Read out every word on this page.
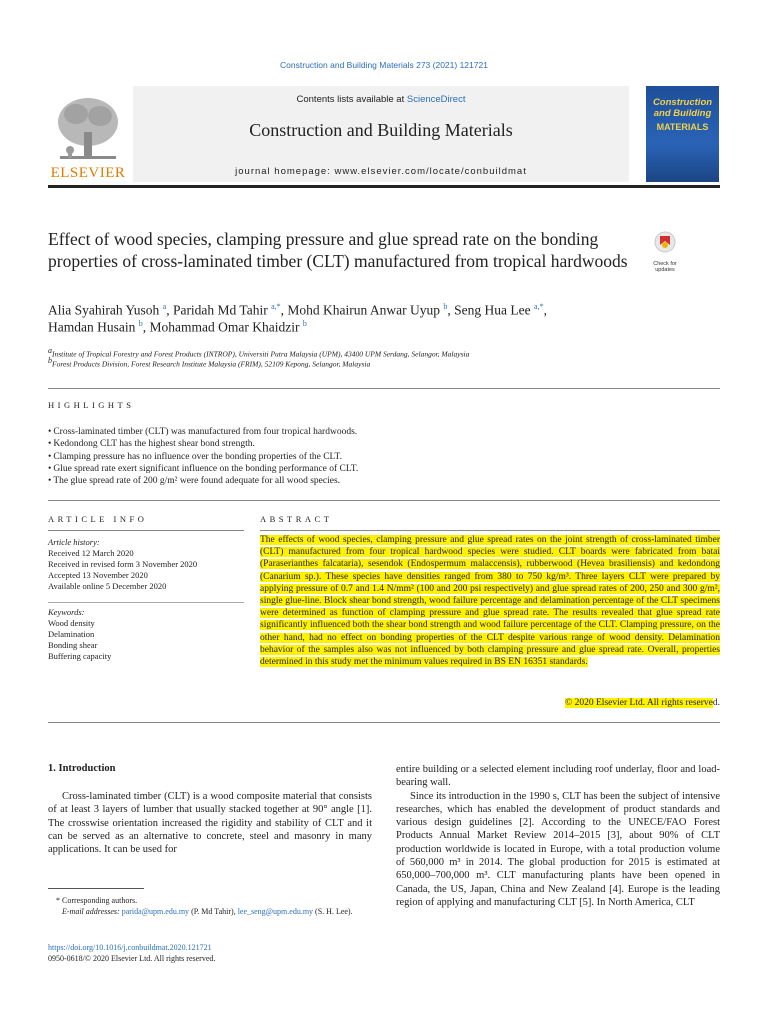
Construction and Building Materials 273 (2021) 121721
Contents lists available at ScienceDirect
Construction and Building Materials
journal homepage: www.elsevier.com/locate/conbuildmat
ELSEVIER
Construction and Building
MATERIALS
Effect of wood species, clamping pressure and glue spread rate on the bonding properties of cross-laminated timber (CLT) manufactured from tropical hardwoods	Check for
updates
Alia Syahirah Yusoh $^a$, Paridah Md Tahir $^{a,*}$, Mohd Khairun Anwar Uyup $^b$, Seng Hua Lee $^{a,*}$,
Hamdan Husain $^b$, Mohammad Omar Khaidzir $^b$
$^a$Institute of Tropical Forestry and Forest Products (INTROP), Universiti Putra Malaysia (UPM), 43400 UPM Serdang, Selangor, Malaysia
$^b$Forest Products Division, Forest Research Institute Malaysia (FRIM), 52109 Kepong, Selangor, Malaysia
HIGHLIGHTS
• Cross-laminated timber (CLT) was manufactured from four tropical hardwoods.
• Kedondong CLT has the highest shear bond strength.
• Clamping pressure has no influence over the bonding properties of the CLT.
• Glue spread rate exert significant influence on the bonding performance of CLT.
• The glue spread rate of 200 g/m² were found adequate for all wood species.
ARTICLE INFO	ABSTRACT
Article history:
Received 12 March 2020
Received in revised form 3 November 2020
Accepted 13 November 2020
Available online 5 December 2020
Keywords:
Wood density
Delamination
Bonding shear
Buffering capacity
The effects of wood species, clamping pressure and glue spread rates on the joint strength of cross-laminated timber (CLT) manufactured from four tropical hardwood species were studied. CLT boards were fabricated from batai (Paraserianthes falcataria), sesendok (Endospermum malaccensis), rubberwood (Hevea brasiliensis) and kedondong (Canarium sp.). These species have densities ranged from 380 to 750 kg/m³. Three layers CLT were prepared by applying pressure of 0.7 and 1.4 N/mm² (100 and 200 psi respectively) and glue spread rates of 200, 250 and 300 g/m², single glue-line. Block shear bond strength, wood failure percentage and delamination percentage of the CLT specimens were determined as function of clamping pressure and glue spread rate. The results revealed that glue spread rate significantly influenced both the shear bond strength and wood failure percentage of the CLT. Clamping pressure, on the other hand, had no effect on bonding properties of the CLT despite various range of wood density. Delamination behavior of the samples also was not influenced by both clamping pressure and glue spread rate. Overall, properties determined in this study met the minimum values required in BS EN 16351 standards.
© 2020 Elsevier Ltd. All rights reserved.
1. Introduction
Cross-laminated timber (CLT) is a wood composite material that consists of at least 3 layers of lumber that usually stacked together at 90° angle [1]. The crosswise orientation increased the rigidity and stability of CLT and it can be served as an alternative to concrete, steel and masonry in many applications. It can be used for
entire building or a selected element including roof underlay, floor and load-bearing wall.
Since its introduction in the 1990 s, CLT has been the subject of intensive researches, which has enabled the development of product standards and various design guidelines [2]. According to the UNECE/FAO Forest Products Annual Market Review 2014–2015 [3], about 90% of CLT production worldwide is located in Europe, with a total production volume of 560,000 m³ in 2014. The global production for 2015 is estimated at 650,000–700,000 m³. CLT manufacturing plants have been opened in Canada, the US, Japan, China and New Zealand [4]. Europe is the leading region of applying and manufacturing CLT [5]. In North America, CLT
* Corresponding authors.
E-mail addresses: parida@upm.edu.my (P. Md Tahir), lee_seng@upm.edu.my (S. H. Lee).
https://doi.org/10.1016/j.conbuildmat.2020.121721
0950-0618/© 2020 Elsevier Ltd. All rights reserved.
